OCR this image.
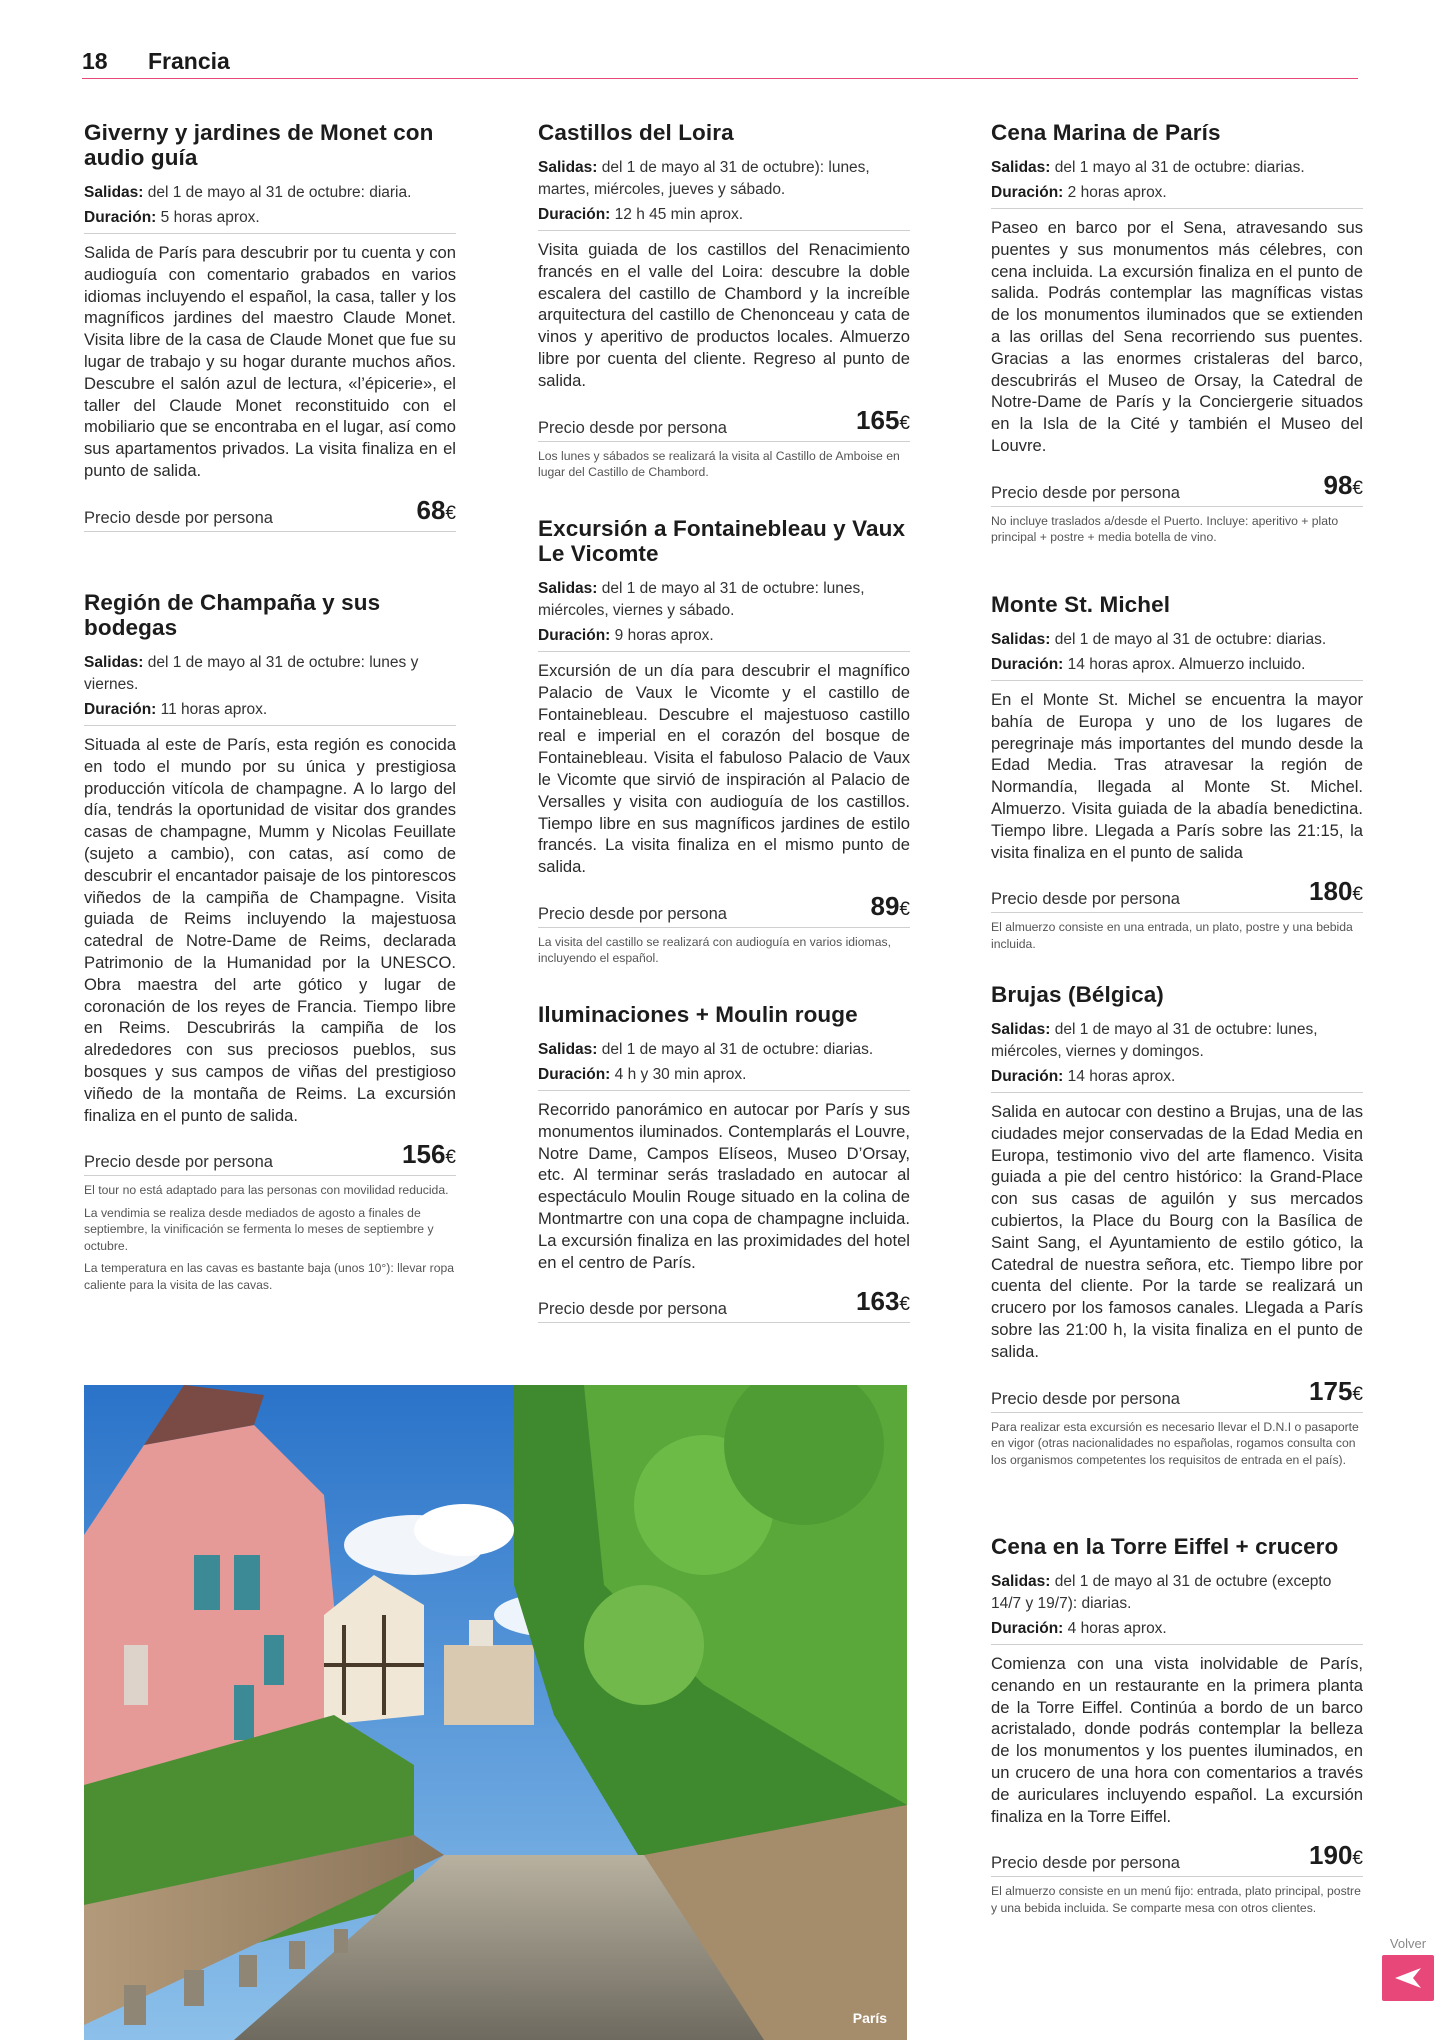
18 Francia
Giverny y jardines de Monet con audio guía

Salidas: del 1 de mayo al 31 de octubre: diaria.

Duración: 5 horas aprox.

Salida de París para descubrir por tu cuenta y con audioguía con comentario grabados en varios idiomas incluyendo el español, la casa, taller y los magníficos jardines del maestro Claude Monet. Visita libre de la casa de Claude Monet que fue su lugar de trabajo y su hogar durante muchos años. Descubre el salón azul de lectura, «l’épicerie», el taller del Claude Monet reconstituido con el mobiliario que se encontraba en el lugar, así como sus apartamentos privados. La visita finaliza en el punto de salida.

Precio desde por persona	68€
Región de Champaña y sus bodegas

Salidas: del 1 de mayo al 31 de octubre: lunes y viernes.

Duración: 11 horas aprox.

Situada al este de París, esta región es conocida en todo el mundo por su única y prestigiosa producción vitícola de champagne. A lo largo del día, tendrás la oportunidad de visitar dos grandes casas de champagne, Mumm y Nicolas Feuillate (sujeto a cambio), con catas, así como de descubrir el encantador paisaje de los pintorescos viñedos de la campiña de Champagne. Visita guiada de Reims incluyendo la majestuosa catedral de Notre-Dame de Reims, declarada Patrimonio de la Humanidad por la UNESCO. Obra maestra del arte gótico y lugar de coronación de los reyes de Francia. Tiempo libre en Reims. Descubrirás la campiña de los alrededores con sus preciosos pueblos, sus bosques y sus campos de viñas del prestigioso viñedo de la montaña de Reims. La excursión finaliza en el punto de salida.

Precio desde por persona	156€

El tour no está adaptado para las personas con movilidad reducida.

La vendimia se realiza desde mediados de agosto a finales de septiembre, la vinificación se fermenta lo meses de septiembre y octubre.

La temperatura en las cavas es bastante baja (unos 10°): llevar ropa caliente para la visita de las cavas.

Castillos del Loira

Salidas: del 1 de mayo al 31 de octubre): lunes, martes, miércoles, jueves y sábado.

Duración: 12 h 45 min aprox.

Visita guiada de los castillos del Renacimiento francés en el valle del Loira: descubre la doble escalera del castillo de Chambord y la increíble arquitectura del castillo de Chenonceau y cata de vinos y aperitivo de productos locales. Almuerzo libre por cuenta del cliente. Regreso al punto de salida.

Precio desde por persona	165€

Los lunes y sábados se realizará la visita al Castillo de Amboise en lugar del Castillo de Chambord.

Excursión a Fontainebleau y Vaux Le Vicomte

Salidas: del 1 de mayo al 31 de octubre: lunes, miércoles, viernes y sábado.

Duración: 9 horas aprox.

Excursión de un día para descubrir el magnífico Palacio de Vaux le Vicomte y el castillo de Fontainebleau. Descubre el majestuoso castillo real e imperial en el corazón del bosque de Fontainebleau. Visita el fabuloso Palacio de Vaux le Vicomte que sirvió de inspiración al Palacio de Versalles y visita con audioguía de los castillos. Tiempo libre en sus magníficos jardines de estilo francés. La visita finaliza en el mismo punto de salida.

Precio desde por persona	89€

La visita del castillo se realizará con audioguía en varios idiomas, incluyendo el español.

Iluminaciones + Moulin rouge

Salidas: del 1 de mayo al 31 de octubre: diarias.

Duración: 4 h y 30 min aprox.

Recorrido panorámico en autocar por París y sus monumentos iluminados. Contemplarás el Louvre, Notre Dame, Campos Elíseos, Museo D’Orsay, etc. Al terminar serás trasladado en autocar al espectáculo Moulin Rouge situado en la colina de Montmartre con una copa de champagne incluida. La excursión finaliza en las proximidades del hotel en el centro de París.

Precio desde por persona	163€
Cena Marina de París

Salidas: del 1 mayo al 31 de octubre: diarias.

Duración: 2 horas aprox.

Paseo en barco por el Sena, atravesando sus puentes y sus monumentos más célebres, con cena incluida. La excursión finaliza en el punto de salida. Podrás contemplar las magníficas vistas de los monumentos iluminados que se extienden a las orillas del Sena recorriendo sus puentes. Gracias a las enormes cristaleras del barco, descubrirás el Museo de Orsay, la Catedral de Notre-Dame de París y la Conciergerie situados en la Isla de la Cité y también el Museo del Louvre.

Precio desde por persona	98€

No incluye traslados a/desde el Puerto. Incluye: aperitivo + plato principal + postre + media botella de vino.

Monte St. Michel

Salidas: del 1 de mayo al 31 de octubre: diarias.

Duración: 14 horas aprox. Almuerzo incluido.

En el Monte St. Michel se encuentra la mayor bahía de Europa y uno de los lugares de peregrinaje más importantes del mundo desde la Edad Media. Tras atravesar la región de Normandía, llegada al Monte St. Michel. Almuerzo. Visita guiada de la abadía benedictina. Tiempo libre. Llegada a París sobre las 21:15, la visita finaliza en el punto de salida

Precio desde por persona	180€

El almuerzo consiste en una entrada, un plato, postre y una bebida incluida.

Brujas (Bélgica)

Salidas: del 1 de mayo al 31 de octubre: lunes, miércoles, viernes y domingos.

Duración: 14 horas aprox.

Salida en autocar con destino a Brujas, una de las ciudades mejor conservadas de la Edad Media en Europa, testimonio vivo del arte flamenco. Visita guiada a pie del centro histórico: la Grand-Place con sus casas de aguilón y sus mercados cubiertos, la Place du Bourg con la Basílica de Saint Sang, el Ayuntamiento de estilo gótico, la Catedral de nuestra señora, etc. Tiempo libre por cuenta del cliente. Por la tarde se realizará un crucero por los famosos canales. Llegada a París sobre las 21:00 h, la visita finaliza en el punto de salida.

Precio desde por persona	175€

Para realizar esta excursión es necesario llevar el D.N.I o pasaporte en vigor (otras nacionalidades no españolas, rogamos consulta con los organismos competentes los requisitos de entrada en el país).

Cena en la Torre Eiffel + crucero

Salidas: del 1 de mayo al 31 de octubre (excepto 14/7 y 19/7): diarias.

Duración: 4 horas aprox.

Comienza con una vista inolvidable de París, cenando en un restaurante en la primera planta de la Torre Eiffel. Continúa a bordo de un barco acristalado, donde podrás contemplar la belleza de los monumentos y los puentes iluminados, en un crucero de una hora con comentarios a través de auriculares incluyendo español. La excursión finaliza en la Torre Eiffel.

Precio desde por persona	190€

El almuerzo consiste en un menú fijo: entrada, plato principal, postre y una bebida incluida. Se comparte mesa con otros clientes.

París
Volver
